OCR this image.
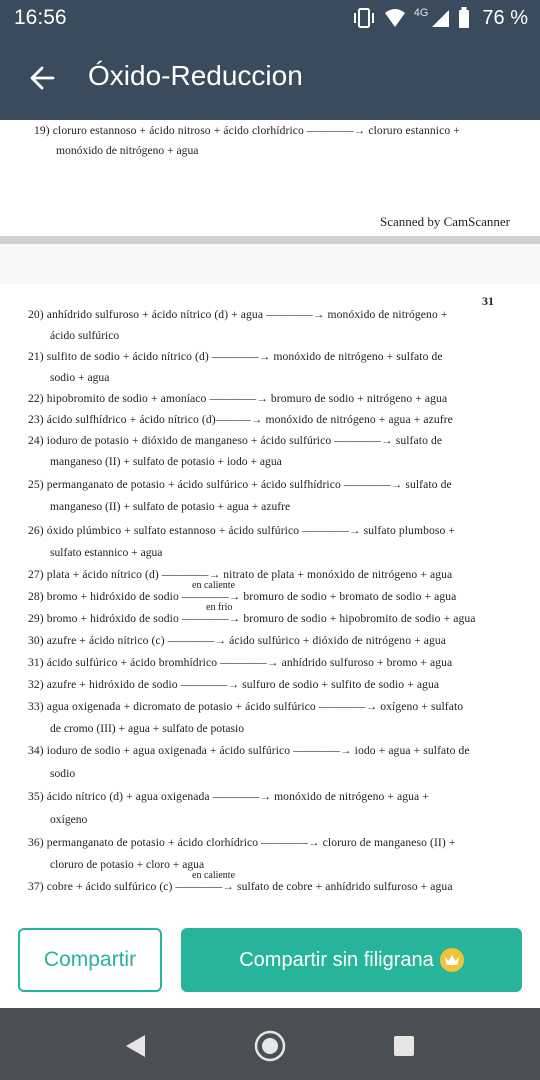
16:56	4G	76 %
Óxido-Reduccion
19) cloruro estannoso + ácido nitroso + ácido clorhídrico ————→ cloruro estannico +
monóxido de nitrógeno + agua
Scanned by CamScanner
31
20) anhídrido sulfuroso + ácido nítrico (d) + agua ————→ monóxido de nitrógeno +
ácido sulfúrico
21) sulfito de sodio + ácido nítrico (d) ————→ monóxido de nitrógeno + sulfato de
sodio + agua
22) hipobromito de sodio + amoníaco ————→ bromuro de sodio + nitrógeno + agua
23) ácido sulfhídrico + ácido nítrico (d)———→ monóxido de nitrógeno + agua + azufre
24) ioduro de potasio + dióxido de manganeso + ácido sulfúrico ————→ sulfato de
manganeso (II) + sulfato de potasio + iodo + agua
25) permanganato de potasio + ácido sulfúrico + ácido sulfhídrico ————→ sulfato de
manganeso (II) + sulfato de potasio + agua + azufre
26) óxido plúmbico + sulfato estannoso + ácido sulfúrico ————→ sulfato plumboso +
sulfato estannico + agua
27) plata + ácido nítrico (d) ————→ nitrato de plata + monóxido de nitrógeno + agua
en caliente
28) bromo + hidróxido de sodio ————→ bromuro de sodio + bromato de sodio + agua
en frío
29) bromo + hidróxido de sodio ————→ bromuro de sodio + hipobromito de sodio + agua
30) azufre + ácido nítrico (c) ————→ ácido sulfúrico + dióxido de nitrógeno + agua
31) ácido sulfúrico + ácido bromhídrico ————→ anhídrido sulfuroso + bromo + agua
32) azufre + hidróxido de sodio ————→ sulfuro de sodio + sulfito de sodio + agua
33) agua oxigenada + dicromato de potasio + ácido sulfúrico ————→ oxígeno + sulfato
de cromo (III) + agua + sulfato de potasio
34) ioduro de sodio + agua oxigenada + ácido sulfúrico ————→ iodo + agua + sulfato de
sodio
35) ácido nítrico (d) + agua oxigenada ————→ monóxido de nitrógeno + agua +
oxígeno
36) permanganato de potasio + ácido clorhídrico ————→ cloruro de manganeso (II) +
cloruro de potasio + cloro + agua
en caliente
37) cobre + ácido sulfúrico (c) ————→ sulfato de cobre + anhídrido sulfuroso + agua
Compartir	Compartir sin filigrana
